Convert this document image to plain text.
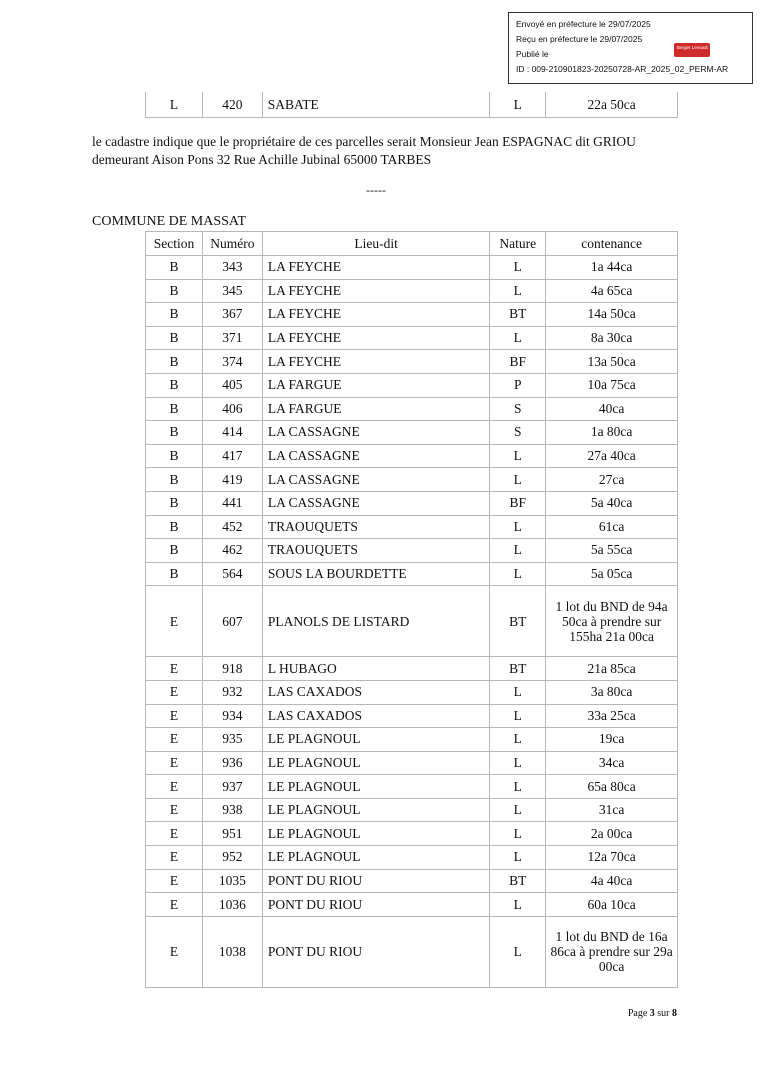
Envoyé en préfecture le 29/07/2025
Reçu en préfecture le 29/07/2025
Publié le
ID : 009-210901823-20250728-AR_2025_02_PERM-AR
Berger Levrault
L	420	SABATE	L	22a 50ca

le cadastre indique que le propriétaire de ces parcelles serait Monsieur Jean ESPAGNAC dit GRIOU demeurant Aison Pons 32 Rue Achille Jubinal 65000 TARBES

-----
COMMUNE DE MASSAT
Section	Numéro	Lieu-dit	Nature	contenance
B	343	LA FEYCHE	L	1a 44ca
B	345	LA FEYCHE	L	4a 65ca
B	367	LA FEYCHE	BT	14a 50ca
B	371	LA FEYCHE	L	8a 30ca
B	374	LA FEYCHE	BF	13a 50ca
B	405	LA FARGUE	P	10a 75ca
B	406	LA FARGUE	S	40ca
B	414	LA CASSAGNE	S	1a 80ca
B	417	LA CASSAGNE	L	27a 40ca
B	419	LA CASSAGNE	L	27ca
B	441	LA CASSAGNE	BF	5a 40ca
B	452	TRAOUQUETS	L	61ca
B	462	TRAOUQUETS	L	5a 55ca
B	564	SOUS LA BOURDETTE	L	5a 05ca
E	607	PLANOLS DE LISTARD	BT	1 lot du BND de 94a 50ca à prendre sur 155ha 21a 00ca
E	918	L HUBAGO	BT	21a 85ca
E	932	LAS CAXADOS	L	3a 80ca
E	934	LAS CAXADOS	L	33a 25ca
E	935	LE PLAGNOUL	L	19ca
E	936	LE PLAGNOUL	L	34ca
E	937	LE PLAGNOUL	L	65a 80ca
E	938	LE PLAGNOUL	L	31ca
E	951	LE PLAGNOUL	L	2a 00ca
E	952	LE PLAGNOUL	L	12a 70ca
E	1035	PONT DU RIOU	BT	4a 40ca
E	1036	PONT DU RIOU	L	60a 10ca
E	1038	PONT DU RIOU	L	1 lot du BND de 16a 86ca à prendre sur 29a 00ca
Page 3 sur 8
